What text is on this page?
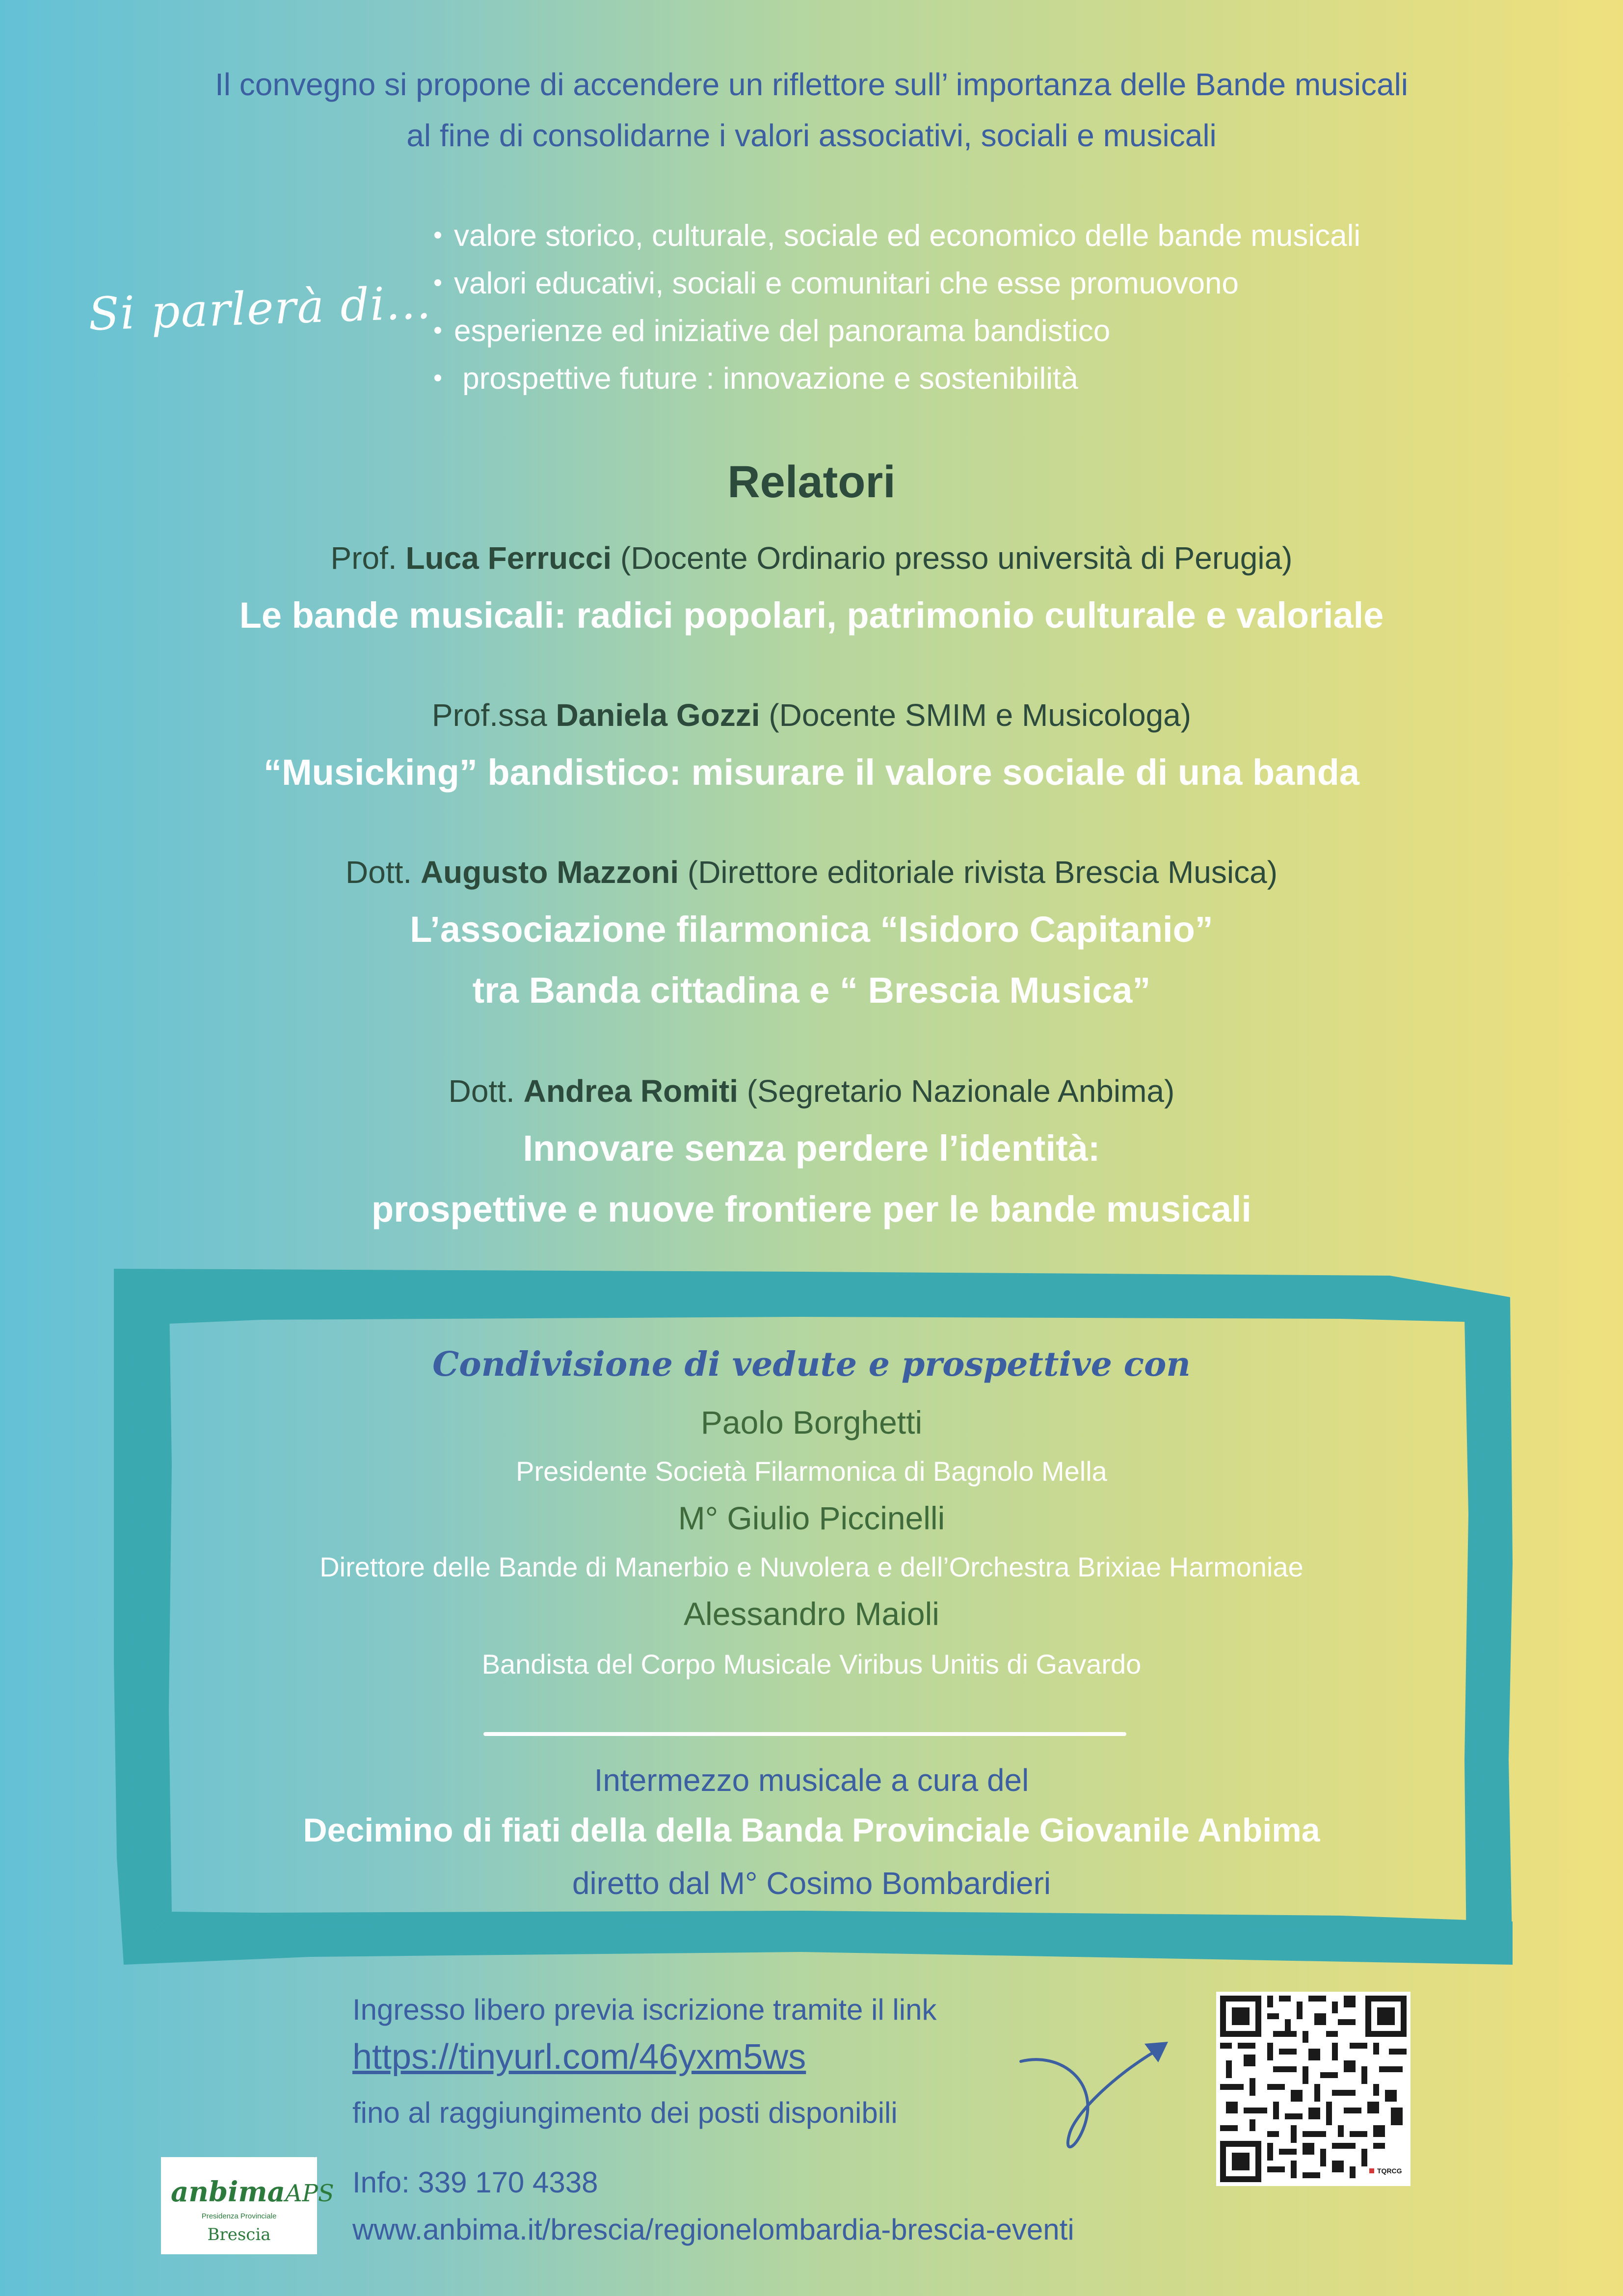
Il convegno si propone di accendere un riflettore sull’ importanza delle Bande musicali
al fine di consolidarne i valori associativi, sociali e musicali
Si parlerà di...
valore storico, culturale, sociale ed economico delle bande musicali
valori educativi, sociali e comunitari che esse promuovono
esperienze ed iniziative del panorama bandistico
prospettive future : innovazione e sostenibilità
Relatori
Prof. Luca Ferrucci (Docente Ordinario presso università di Perugia)
Le bande musicali: radici popolari, patrimonio culturale e valoriale
Prof.ssa Daniela Gozzi (Docente SMIM e Musicologa)
“Musicking” bandistico: misurare il valore sociale di una banda
Dott. Augusto Mazzoni (Direttore editoriale rivista Brescia Musica)
L’associazione filarmonica “Isidoro Capitanio”
tra Banda cittadina e “ Brescia Musica”
Dott. Andrea Romiti (Segretario Nazionale Anbima)
Innovare senza perdere l’identità:
prospettive e nuove frontiere per le bande musicali
Condivisione di vedute e prospettive con
Paolo Borghetti
Presidente Società Filarmonica di Bagnolo Mella
M° Giulio Piccinelli
Direttore delle Bande di Manerbio e Nuvolera e dell’Orchestra Brixiae Harmoniae
Alessandro Maioli
Bandista del Corpo Musicale Viribus Unitis di Gavardo
Intermezzo musicale a cura del
Decimino di fiati della della Banda Provinciale Giovanile Anbima
diretto dal M° Cosimo Bombardieri
Ingresso libero previa iscrizione tramite il link
https://tinyurl.com/46yxm5ws
fino al raggiungimento dei posti disponibili
TQRCG
anbimaAPS
Presidenza Provinciale
Brescia
Info: 339 170 4338
www.anbima.it/brescia/regionelombardia-brescia-eventi
